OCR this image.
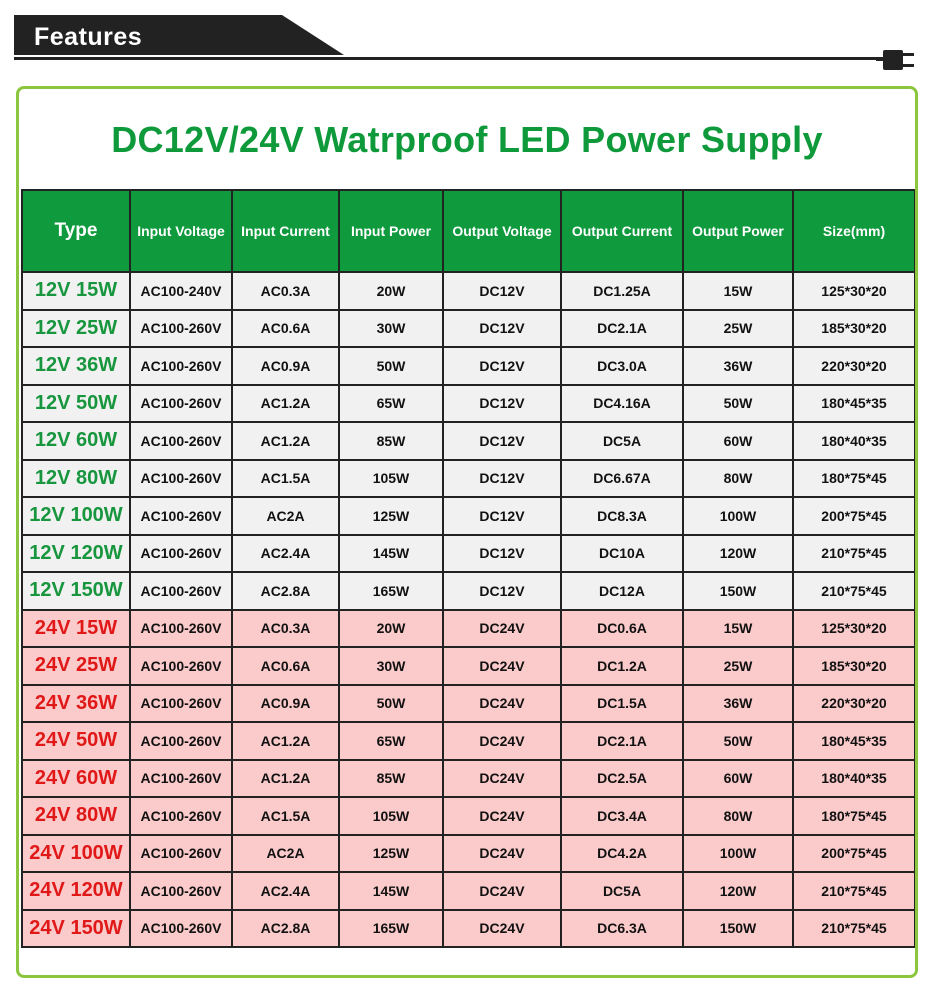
Features
DC12V/24V Watrproof LED Power Supply
Type	Input Voltage	Input Current	Input Power	Output Voltage	Output Current	Output Power	Size(mm)
12V 15W	AC100-240V	AC0.3A	20W	DC12V	DC1.25A	15W	125*30*20
12V 25W	AC100-260V	AC0.6A	30W	DC12V	DC2.1A	25W	185*30*20
12V 36W	AC100-260V	AC0.9A	50W	DC12V	DC3.0A	36W	220*30*20
12V 50W	AC100-260V	AC1.2A	65W	DC12V	DC4.16A	50W	180*45*35
12V 60W	AC100-260V	AC1.2A	85W	DC12V	DC5A	60W	180*40*35
12V 80W	AC100-260V	AC1.5A	105W	DC12V	DC6.67A	80W	180*75*45
12V 100W	AC100-260V	AC2A	125W	DC12V	DC8.3A	100W	200*75*45
12V 120W	AC100-260V	AC2.4A	145W	DC12V	DC10A	120W	210*75*45
12V 150W	AC100-260V	AC2.8A	165W	DC12V	DC12A	150W	210*75*45
24V 15W	AC100-260V	AC0.3A	20W	DC24V	DC0.6A	15W	125*30*20
24V 25W	AC100-260V	AC0.6A	30W	DC24V	DC1.2A	25W	185*30*20
24V 36W	AC100-260V	AC0.9A	50W	DC24V	DC1.5A	36W	220*30*20
24V 50W	AC100-260V	AC1.2A	65W	DC24V	DC2.1A	50W	180*45*35
24V 60W	AC100-260V	AC1.2A	85W	DC24V	DC2.5A	60W	180*40*35
24V 80W	AC100-260V	AC1.5A	105W	DC24V	DC3.4A	80W	180*75*45
24V 100W	AC100-260V	AC2A	125W	DC24V	DC4.2A	100W	200*75*45
24V 120W	AC100-260V	AC2.4A	145W	DC24V	DC5A	120W	210*75*45
24V 150W	AC100-260V	AC2.8A	165W	DC24V	DC6.3A	150W	210*75*45
